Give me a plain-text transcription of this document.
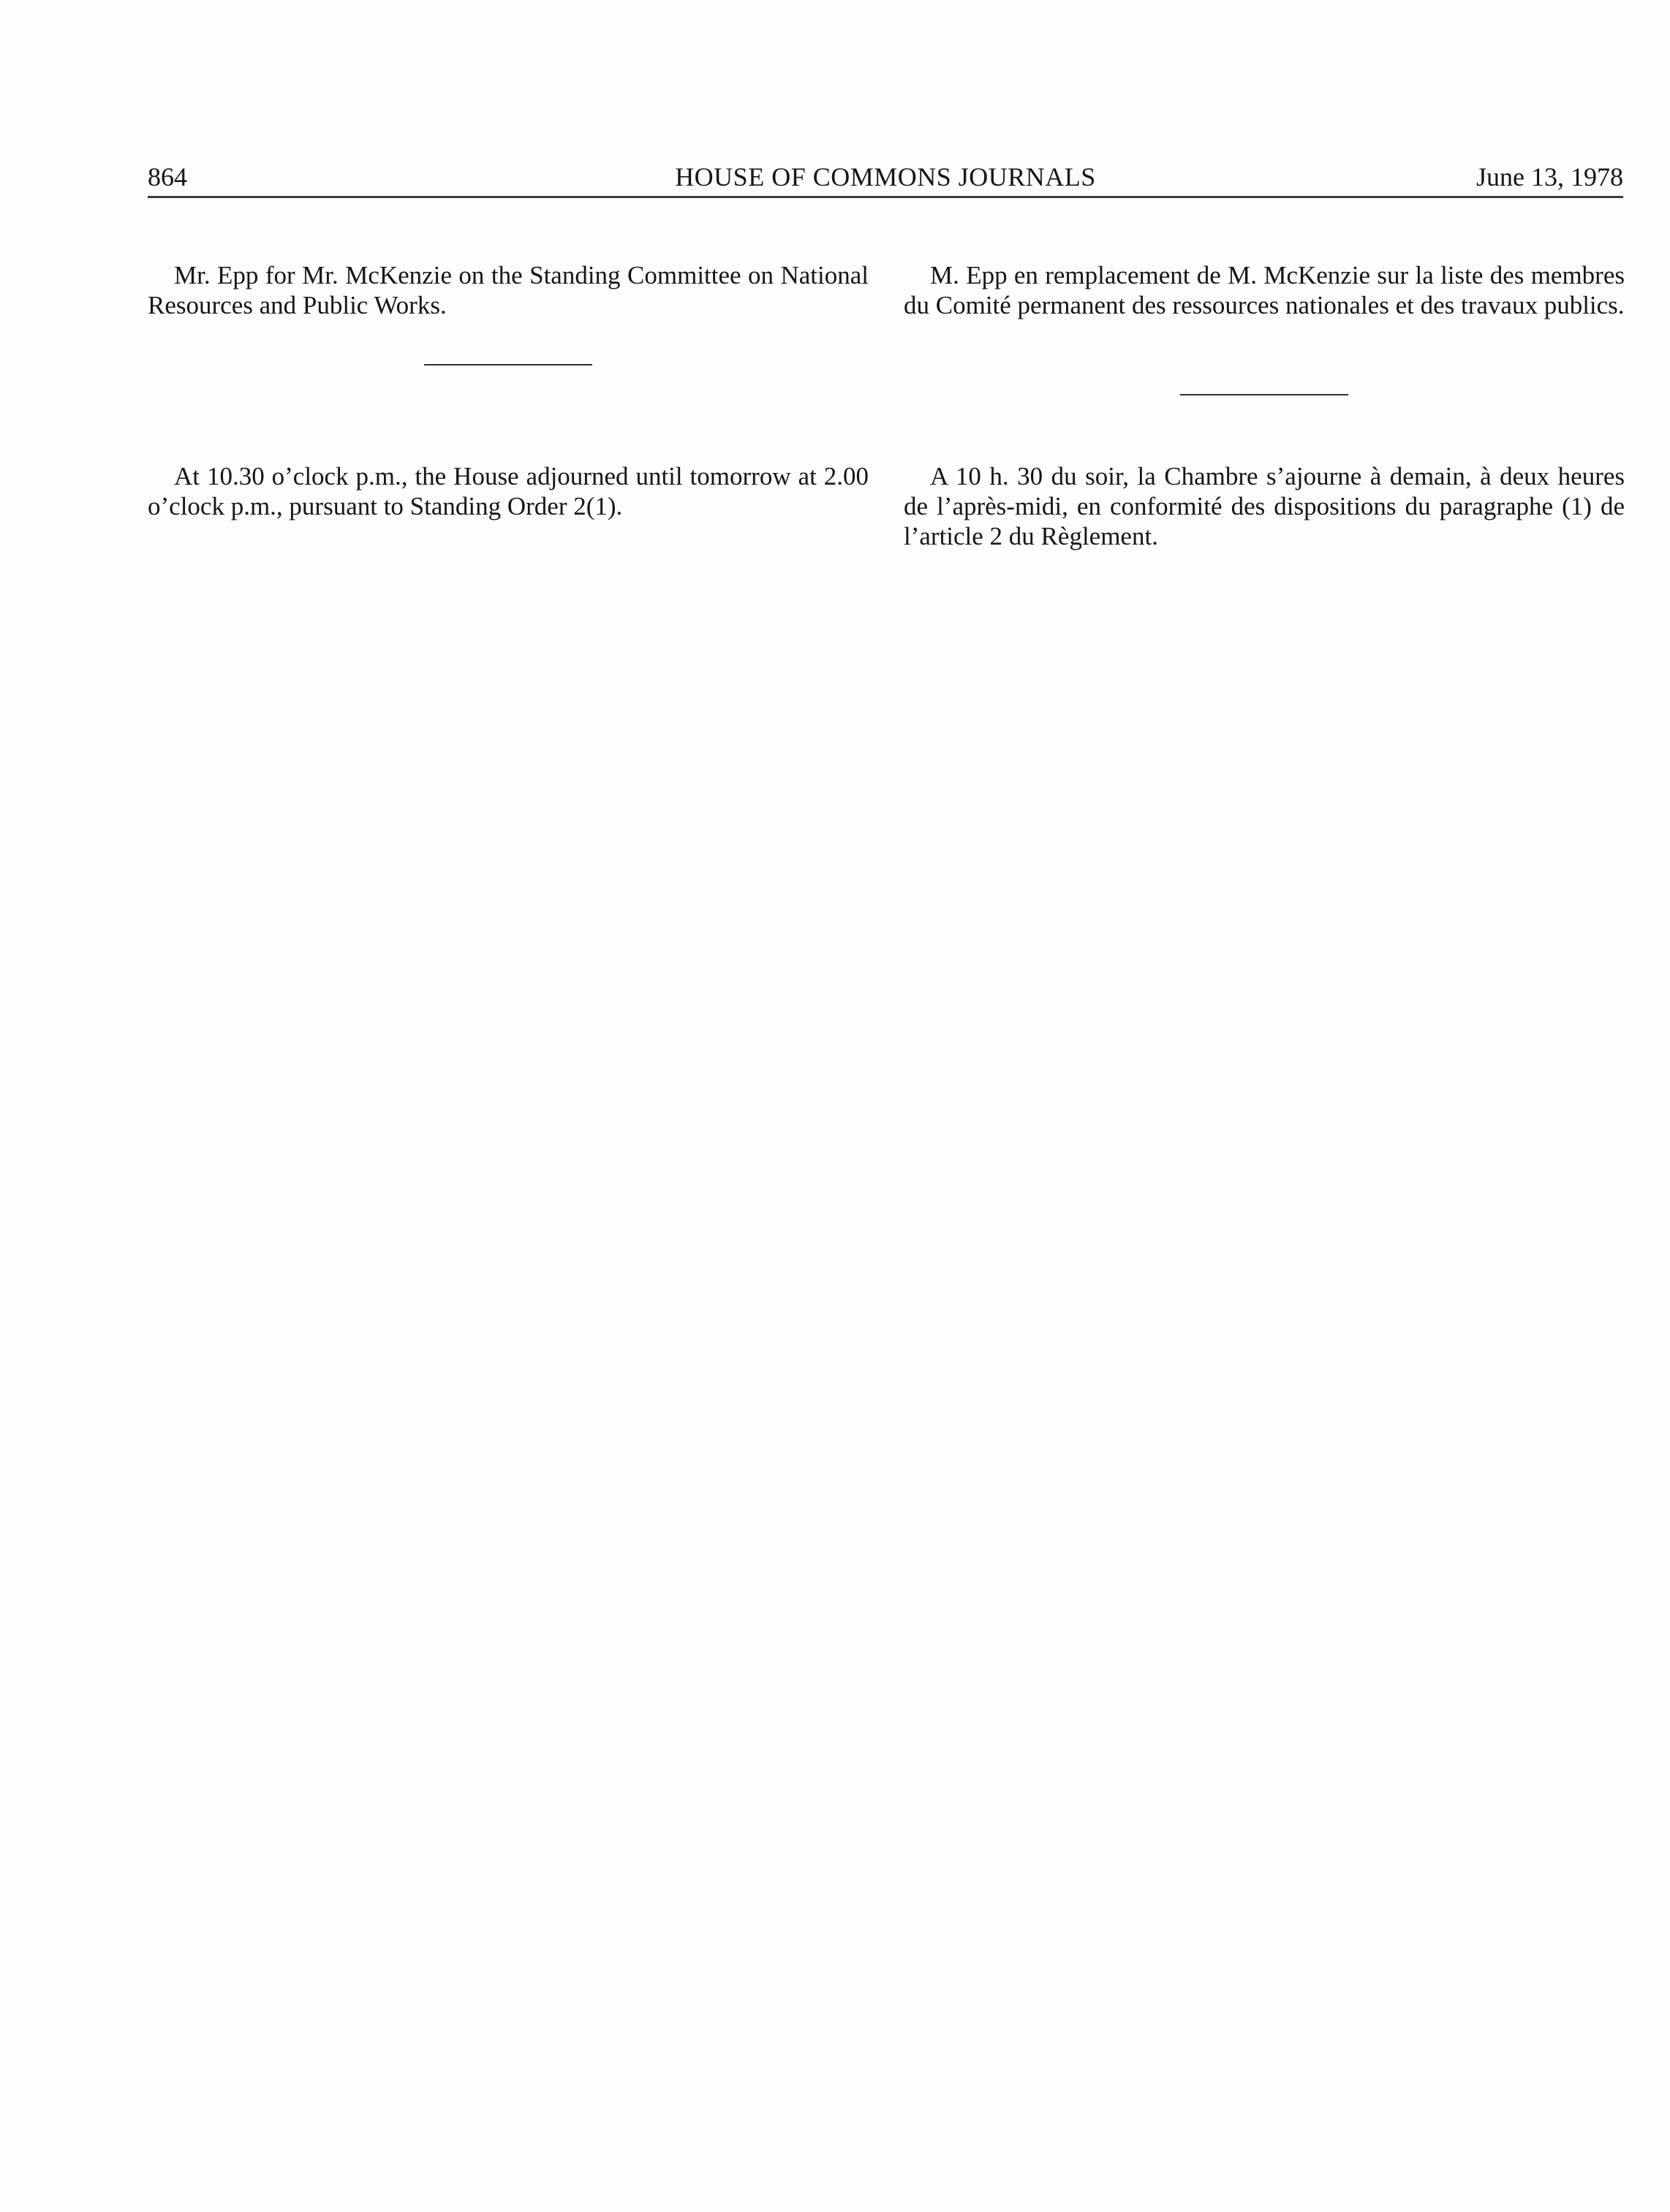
864	HOUSE OF COMMONS JOURNALS	June 13, 1978

Mr. Epp for Mr. McKenzie on the Standing Committee on National Resources and Public Works.

At 10.30 o’clock p.m., the House adjourned until tomorrow at 2.00 o’clock p.m., pursuant to Standing Order 2(1).

M. Epp en remplacement de M. McKenzie sur la liste des membres du Comité permanent des ressources nationales et des travaux publics.

A 10 h. 30 du soir, la Chambre s’ajourne à demain, à deux heures de l’après-midi, en conformité des dispositions du paragraphe (1) de l’article 2 du Règlement.
